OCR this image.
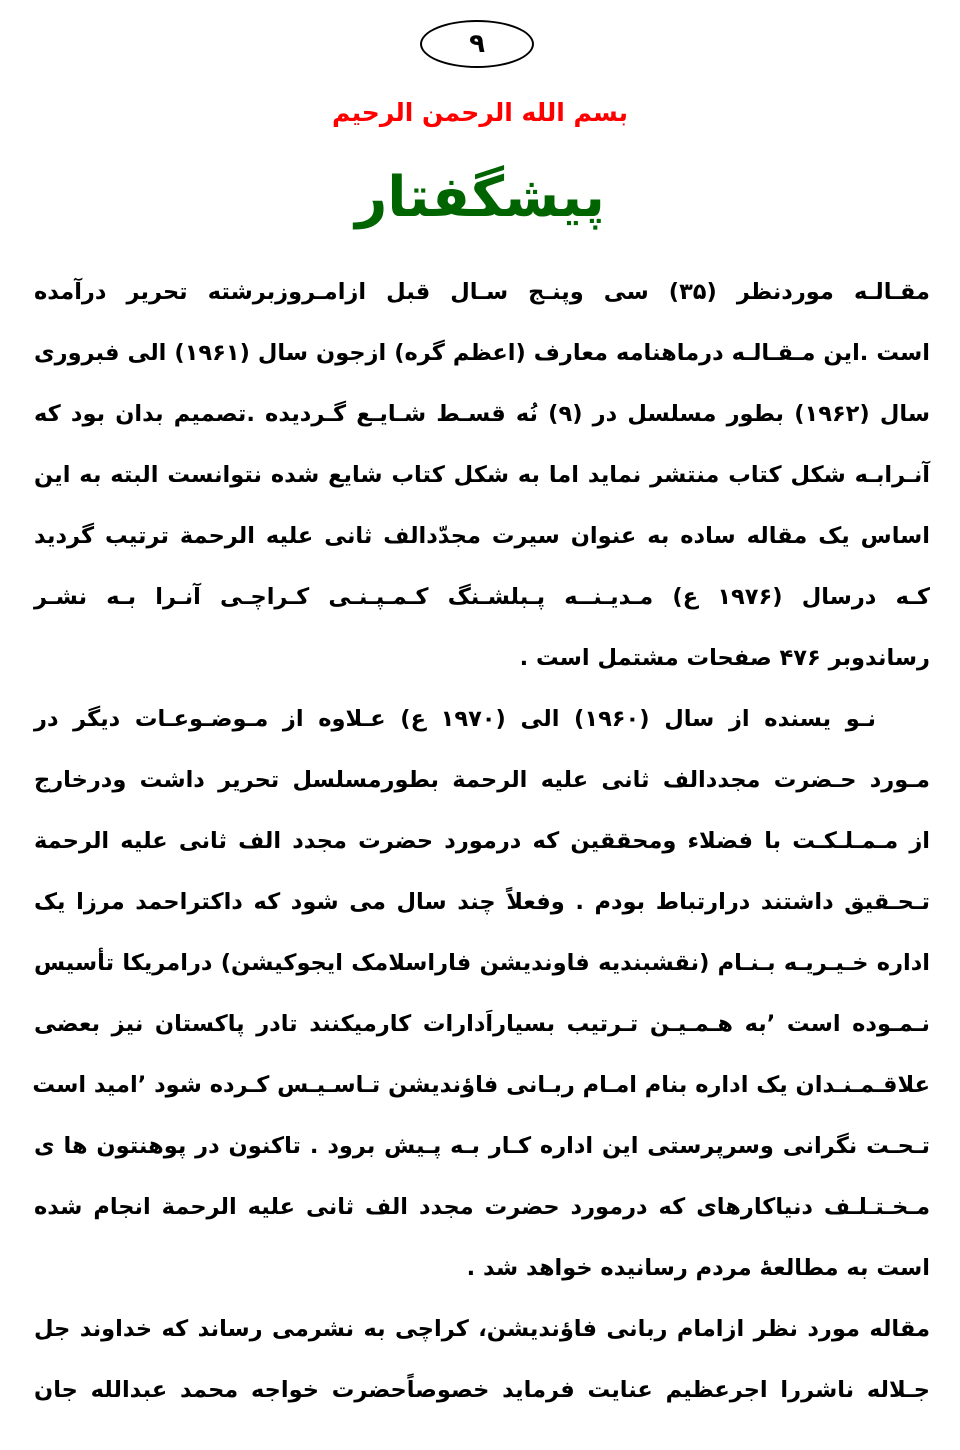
۹
بسم الله الرحمن الرحيم
پیشگفتار
مقـالـه موردنظر (۳۵) سی وپنـج سـال قبل ازامـروزبرشته تحرير درآمده
است .اين مـقـالـه درماهنامه معارف (اعظم گره) ازجون سال (۱۹۶۱) الی فبروری
سال (۱۹۶۲) بطور مسلسل در (۹) نُه قسـط شـايـع گـرديده .تصميم بدان بود كه
آنـرابـه شكل كتاب منتشر نمايد اما به شكل كتاب شايع شده نتوانست البته به این
اساس يک مقاله ساده به عنوان سيرت مجدّدالف ثانی عليه الرحمة ترتيب گرديد
كـه درسال (۱۹۷۶ ع) مـديـنــه پـبلشـنگ كـمـپـنـی كـراچـی آنـرا بـه نشـر
رساندوبر ۴۷۶ صفحات مشتمل است .
نـو يسنده از سال (۱۹۶۰) الی (۱۹۷۰ ع) عـلاوه از مـوضـوعـات ديگر در
مـورد حـضرت مجددالف ثانی عليه الرحمة بطورمسلسل تحرير داشت ودرخارج
از مـمـلـكـت با فضلاء ومحققين كه درمورد حضرت مجدد الف ثانی عليه الرحمة
تـحـقيق داشتند درارتباط بودم . وفعلاً چند سال می شود كه داكتراحمد مرزا يک
اداره خـيـريـه بـنـام (نقشبنديه فاونديشن فاراسلامک ايجوكيشن) درامريكا تأسيس
نـمـوده است ٬به هـمـيـن تـرتيب بسياراَدارات كارميكنند تادر پاكستان نيز بعضی
علاقـمـنـدان يک اداره بنام امـام ربـانی فاؤنديشن تـاسـيـس كـرده شود ٬اميد است
تـحـت نگرانی وسرپرستی اين اداره كـار بـه پـيش برود . تاكنون در پوهنتون ها ی
مـخـتـلـف دنياكارهای كه درمورد حضرت مجدد الف ثانی عليه الرحمة انجام شده
است به مطالعهٔ مردم رسانيده خواهد شد .
مقاله مورد نظر ازامام ربانی فاؤنديشن، كراچی به نشرمی رساند كه خداوند جل
جـلاله ناشررا اجرعظيم عنايت فرمايد خصوصاًحضرت خواجه محمد عبدالله جان
